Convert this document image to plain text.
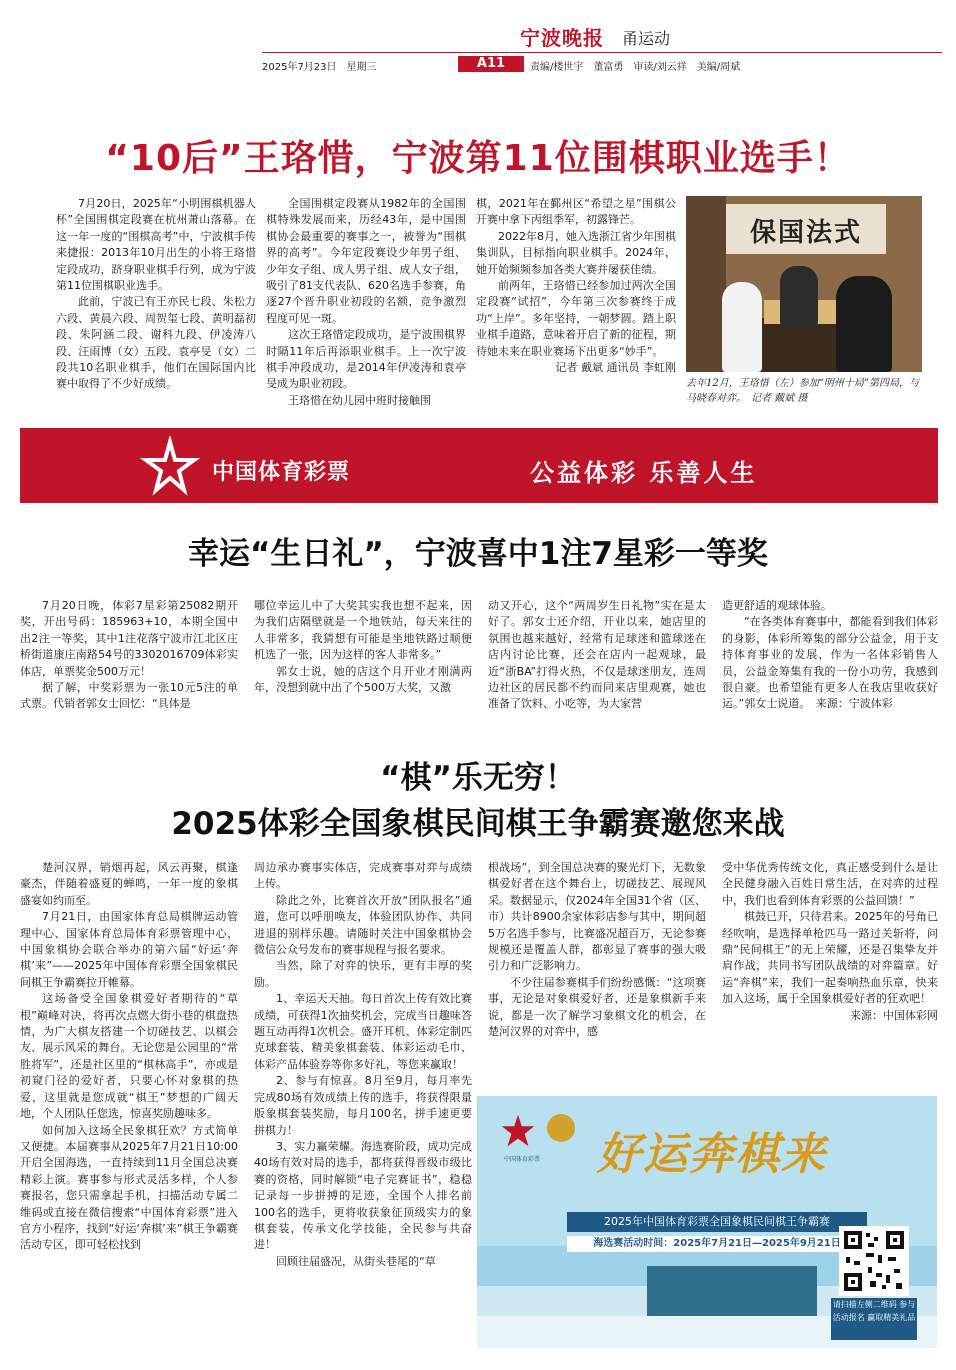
宁波晚报 甬运动
2025年7月23日　星期三	A11	责编/楼世宇　董富勇　审读/刘云祥　美编/周斌
“10后”王珞惜，宁波第11位围棋职业选手！

7月20日，2025年“小明围棋机器人杯”全国围棋定段赛在杭州萧山落幕。在这一年一度的“围棋高考”中，宁波棋手传来捷报：2013年10月出生的小将王珞惜定段成功，跻身职业棋手行列，成为宁波第11位围棋职业选手。

此前，宁波已有王亦民七段、朱松力六段、黄晨六段、周贺玺七段、黄明磊初段、朱阿涵二段、谢科九段、伊凌涛八段、汪雨博（女）五段、袁亭旻（女）二段共10名职业棋手，他们在国际国内比赛中取得了不少好成绩。

全国围棋定段赛从1982年的全国围棋特殊发展而来，历经43年，是中国围棋协会最重要的赛事之一，被誉为“围棋界的高考”。今年定段赛设少年男子组、少年女子组、成人男子组、成人女子组，吸引了81支代表队、620名选手参赛，角逐27个晋升职业初段的名额，竞争激烈程度可见一斑。

这次王珞惜定段成功，是宁波围棋界时隔11年后再添职业棋手。上一次宁波棋手冲段成功，是2014年伊凌涛和袁亭旻成为职业初段。

王珞惜在幼儿园中班时接触围

棋，2021年在鄞州区“希望之星”围棋公开赛中拿下丙组季军，初露锋芒。

2022年8月，她入选浙江省少年围棋集训队，目标指向职业棋手。2024年，她开始频频参加各类大赛并屡获佳绩。

前两年，王珞惜已经参加过两次全国定段赛“试招”，今年第三次参赛终于成功“上岸”。多年坚持，一朝梦圆。踏上职业棋手道路，意味着开启了新的征程，期待她未来在职业赛场下出更多“妙手”。

记者 戴斌 通讯员 李虹刚

保国法式
去年12月，王珞惜（左）参加“明州十局”第四局，与马晓春对弈。　记者 戴斌 摄
中国体育彩票	公益体彩 乐善人生
幸运“生日礼”，宁波喜中1注7星彩一等奖

7月20日晚，体彩7星彩第25082期开奖，开出号码：185963+10，本期全国中出2注一等奖，其中1注花落宁波市江北区庄桥街道康庄南路54号的3302016709体彩实体店，单票奖金500万元！

据了解，中奖彩票为一张10元5注的单式票。代销者郭女士回忆：“具体是

哪位幸运儿中了大奖其实我也想不起来，因为我们店隔壁就是一个地铁站，每天来往的人非常多，我猜想有可能是坐地铁路过顺便机选了一张，因为这样的客人非常多。”

郭女士说，她的店这个月开业才刚满两年，没想到就中出了个500万大奖，又激

动又开心，这个“两周岁生日礼物”实在是太好了。郭女士还介绍，开业以来，她店里的氛围也越来越好，经常有足球迷和篮球迷在店内讨论比赛，还会在店内一起观球，最近“浙BA”打得火热，不仅是球迷朋友，连周边社区的居民都不约而同来店里观赛，她也准备了饮料、小吃等，为大家营

造更舒适的观球体验。

“在各类体育赛事中，都能看到我们体彩的身影，体彩所筹集的部分公益金，用于支持体育事业的发展，作为一名体彩销售人员，公益金筹集有我的一份小功劳，我感到很自豪。也希望能有更多人在我店里收获好运。”郭女士说道。　来源：宁波体彩

“棋”乐无穷！
2025体彩全国象棋民间棋王争霸赛邀您来战

楚河汉界，销烟再起，风云再聚，棋逢豪杰，伴随着盛夏的蝉鸣，一年一度的象棋盛宴如约而至。

7月21日，由国家体育总局棋牌运动管理中心、国家体育总局体育彩票管理中心、中国象棋协会联合举办的第六届“好运‘奔棋’来”——2025年中国体育彩票全国象棋民间棋王争霸赛拉开帷幕。

这场备受全国象棋爱好者期待的“草根”巅峰对决，将再次点燃大街小巷的棋盘热情，为广大棋友搭建一个切磋技艺、以棋会友、展示风采的舞台。无论您是公园里的“常胜将军”，还是社区里的“棋林高手”，亦或是初窥门径的爱好者，只要心怀对象棋的热爱，这里就是您成就“棋王”梦想的广阔天地，个人团队任您选，惊喜奖励趣味多。

如何加入这场全民象棋狂欢？方式简单又便捷。本届赛事从2025年7月21日10:00开启全国海选，一直持续到11月全国总决赛精彩上演。赛事参与形式灵活多样，个人参赛报名，您只需拿起手机，扫描活动专属二维码或直接在微信搜索“中国体育彩票”进入官方小程序，找到“好运‘奔棋’来”棋王争霸赛活动专区，即可轻松找到

周边承办赛事实体店，完成赛事对弈与成绩上传。

除此之外，比赛首次开放“团队报名”通道，您可以呼朋唤友，体验团队协作、共同进退的别样乐趣。请随时关注中国象棋协会微信公众号发布的赛事规程与报名要求。

当然，除了对弈的快乐，更有丰厚的奖励。

1、幸运天天抽。每日首次上传有效比赛成绩，可获得1次抽奖机会，完成当日趣味答题互动再得1次机会。盛开耳机、体彩定制匹克球套装、精美象棋套装、体彩运动毛巾、体彩产品体验券等你多好礼，等您来赢取！

2、参与有惊喜。8月至9月，每月率先完成80场有效成绩上传的选手，将获得限量版象棋套装奖励，每月100名，拼手速更要拼棋力！

3、实力赢荣耀。海选赛阶段，成功完成40场有效对局的选手，都将获得晋级市级比赛的资格，同时解锁“电子完赛证书”，稳稳记录每一步拼搏的足迹，全国个人排名前100名的选手，更将收获象征顶级实力的象棋套装，传承文化学技能，全民参与共奋进！

回顾往届盛况，从街头巷尾的“草

根战场”，到全国总决赛的聚光灯下，无数象棋爱好者在这个舞台上，切磋技艺、展现风采。数据显示，仅2024年全国31个省（区、市）共计8900余家体彩店参与其中，期间超5万名选手参与，比赛盛况超百万，无论参赛规模还是覆盖人群，都彰显了赛事的强大吸引力和广泛影响力。

不少往届参赛棋手们纷纷感慨：“这项赛事，无论是对象棋爱好者，还是象棋新手来说，都是一次了解学习象棋文化的机会，在楚河汉界的对弈中，感

受中华优秀传统文化，真正感受到什么是让全民健身融入百姓日常生活，在对弈的过程中，我们也看到体育彩票的公益回馈！”

棋鼓已开，只待君来。2025年的号角已经吹响，是选择单枪匹马一路过关斩将，问鼎“民间棋王”的无上荣耀，还是召集挚友并肩作战，共同书写团队战绩的对弈篇章。好运“奔棋”来，我们一起奏响热血乐章，快来加入这场，属于全国象棋爱好者的狂欢吧！

来源：中国体彩网

中国体育彩票	好运奔棋来
2025年中国体育彩票全国象棋民间棋王争霸赛
海选赛活动时间：2025年7月21日—2025年9月21日
请扫描左侧二维码 参与活动报名 赢取精美礼品
